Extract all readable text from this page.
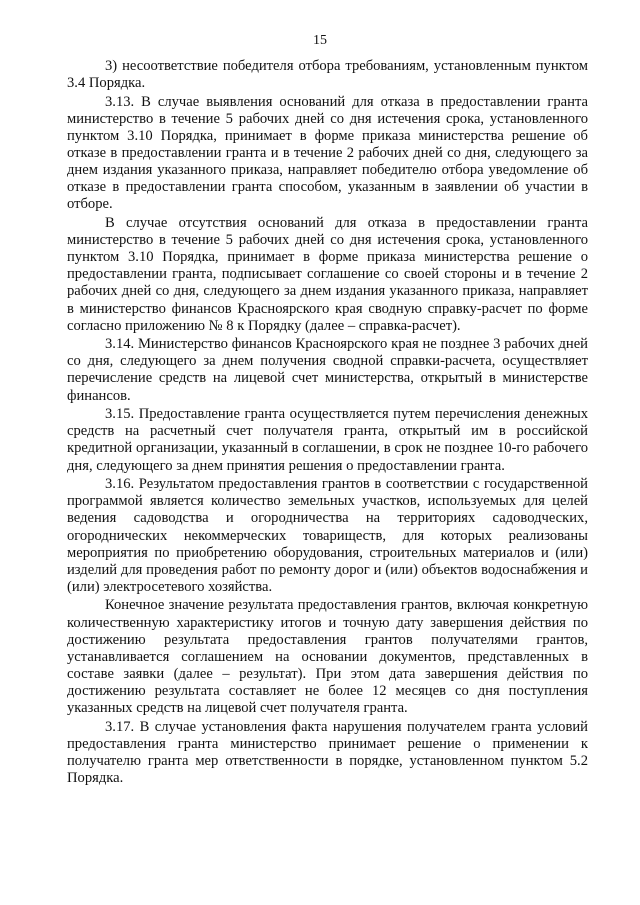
15

3) несоответствие победителя отбора требованиям, установленным пунктом 3.4 Порядка.

3.13. В случае выявления оснований для отказа в предоставлении гранта министерство в течение 5 рабочих дней со дня истечения срока, установленного пунктом 3.10 Порядка, принимает в форме приказа министерства решение об отказе в предоставлении гранта и в течение 2 рабочих дней со дня, следующего за днем издания указанного приказа, направляет победителю отбора уведомление об отказе в предоставлении гранта способом, указанным в заявлении об участии в отборе.

В случае отсутствия оснований для отказа в предоставлении гранта министерство в течение 5 рабочих дней со дня истечения срока, установленного пунктом 3.10 Порядка, принимает в форме приказа министерства решение о предоставлении гранта, подписывает соглашение со своей стороны и в течение 2 рабочих дней со дня, следующего за днем издания указанного приказа, направляет в министерство финансов Красноярского края сводную справку-расчет по форме согласно приложению № 8 к Порядку (далее – справка-расчет).

3.14. Министерство финансов Красноярского края не позднее 3 рабочих дней со дня, следующего за днем получения сводной справки-расчета, осуществляет перечисление средств на лицевой счет министерства, открытый в министерстве финансов.

3.15. Предоставление гранта осуществляется путем перечисления денежных средств на расчетный счет получателя гранта, открытый им в российской кредитной организации, указанный в соглашении, в срок не позднее 10-го рабочего дня, следующего за днем принятия решения о предоставлении гранта.

3.16. Результатом предоставления грантов в соответствии с государственной программой является количество земельных участков, используемых для целей ведения садоводства и огородничества на территориях садоводческих, огороднических некоммерческих товариществ, для которых реализованы мероприятия по приобретению оборудования, строительных материалов и (или) изделий для проведения работ по ремонту дорог и (или) объектов водоснабжения и (или) электросетевого хозяйства.

Конечное значение результата предоставления грантов, включая конкретную количественную характеристику итогов и точную дату завершения действия по достижению результата предоставления грантов получателями грантов, устанавливается соглашением на основании документов, представленных в составе заявки (далее – результат). При этом дата завершения действия по достижению результата составляет не более 12 месяцев со дня поступления указанных средств на лицевой счет получателя гранта.

3.17. В случае установления факта нарушения получателем гранта условий предоставления гранта министерство принимает решение о применении к получателю гранта мер ответственности в порядке, установленном пунктом 5.2 Порядка.
